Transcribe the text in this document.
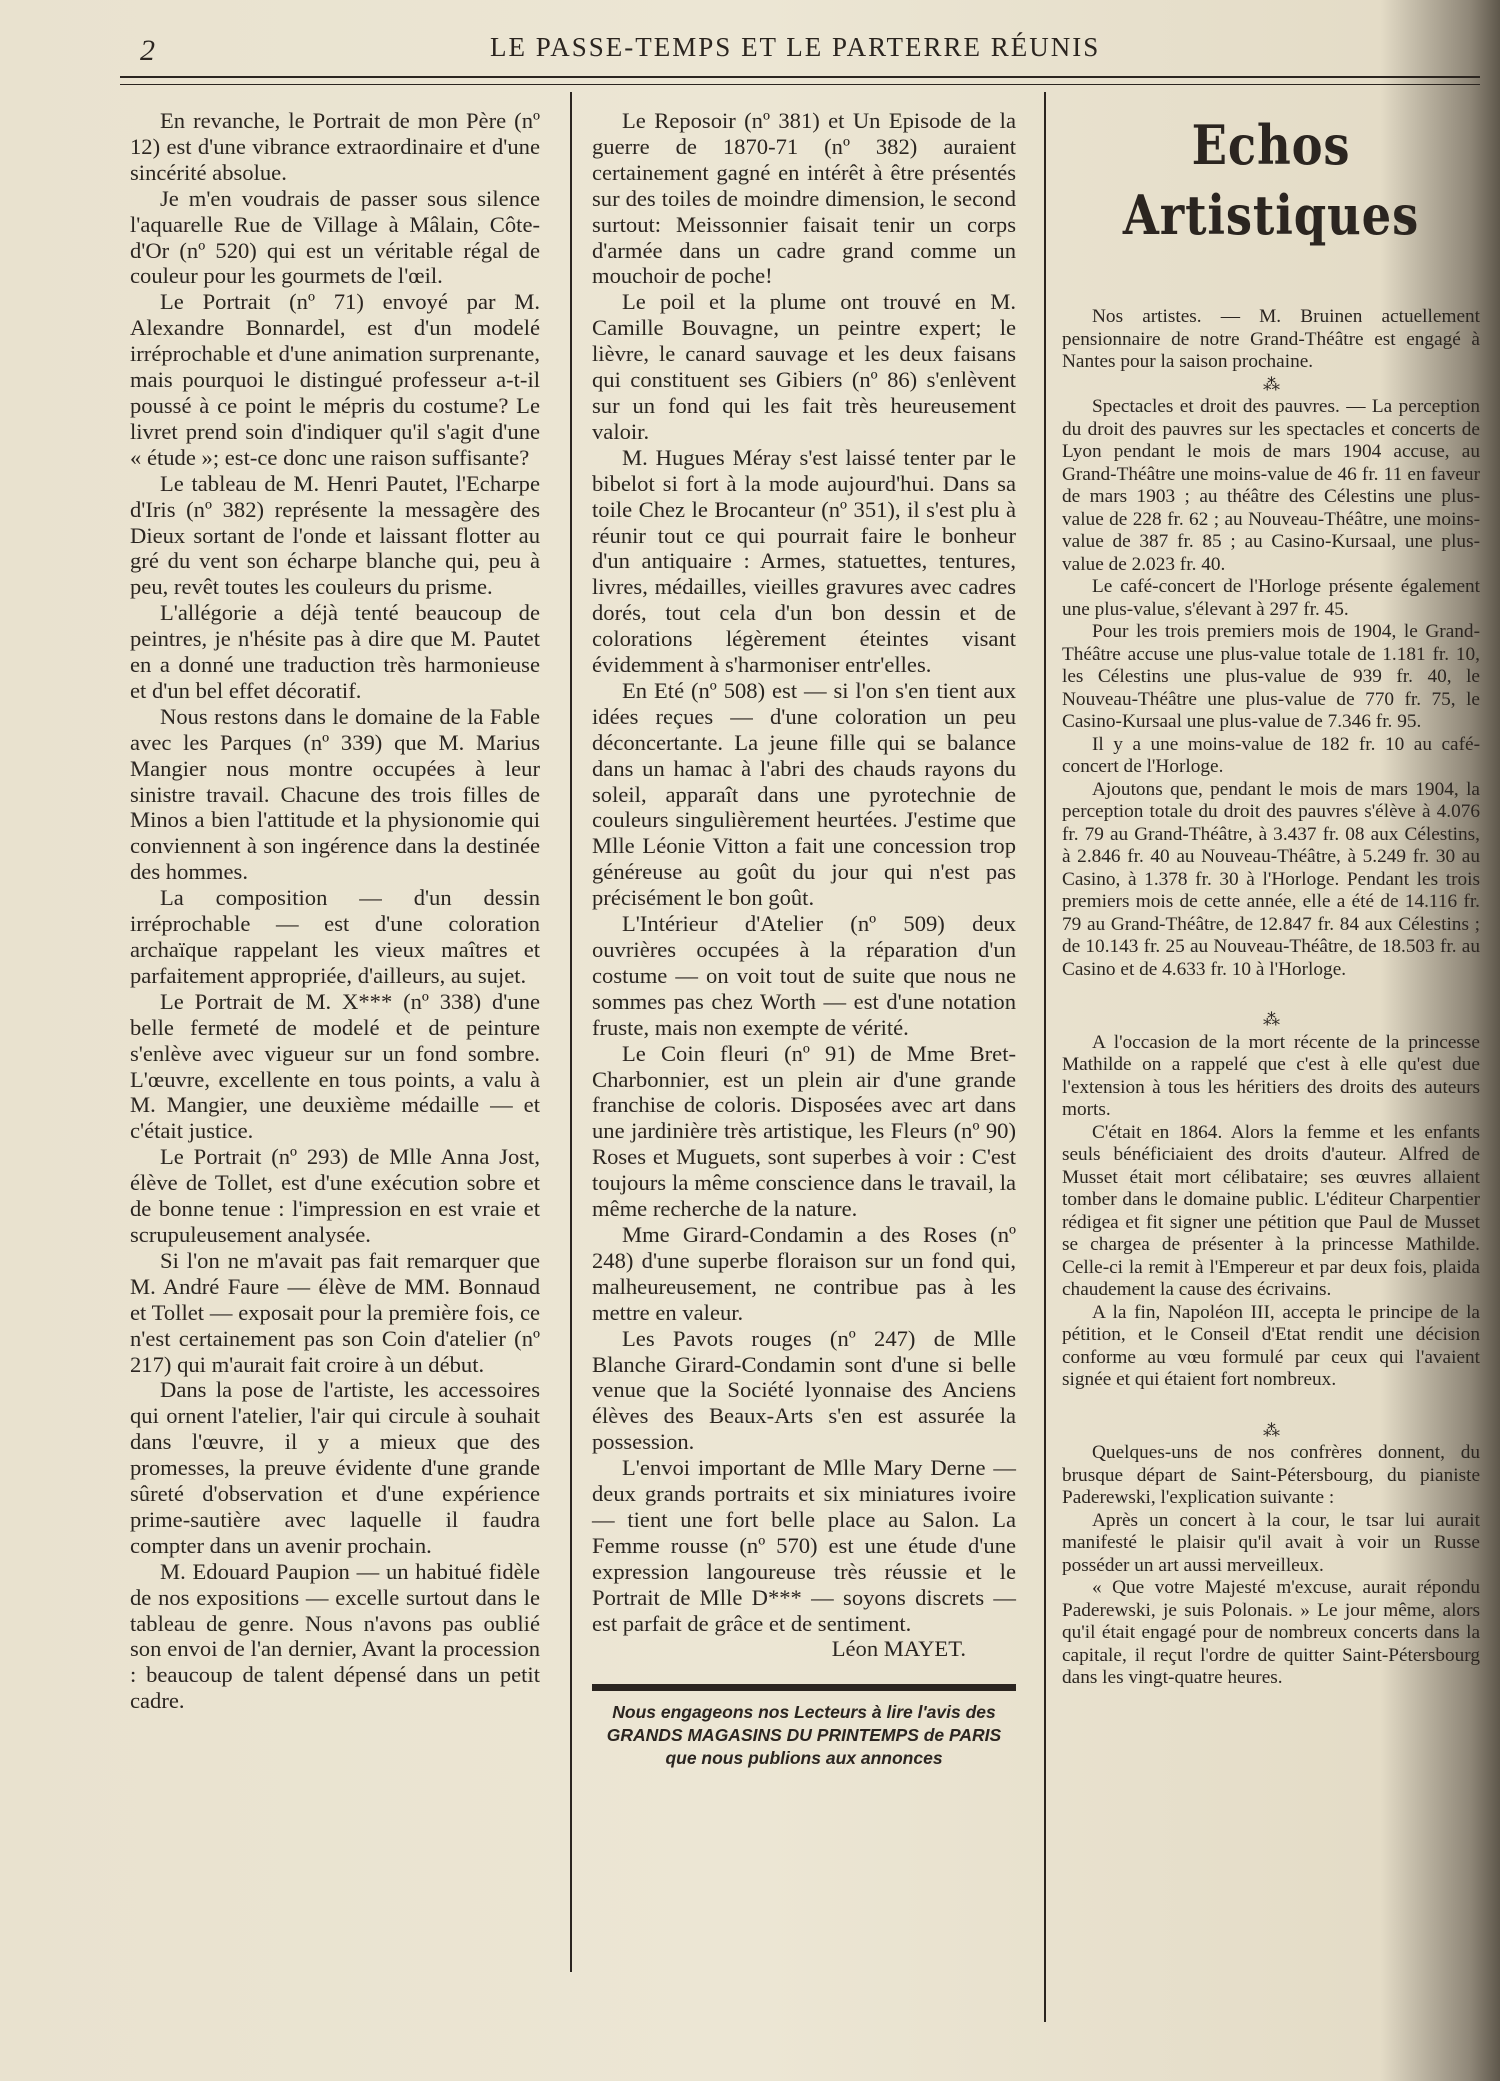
2	LE PASSE-TEMPS ET LE PARTERRE RÉUNIS

En revanche, le Portrait de mon Père (nº 12) est d'une vibrance extraordinaire et d'une sincérité absolue.

Je m'en voudrais de passer sous silence l'aquarelle Rue de Village à Mâlain, Côte-d'Or (nº 520) qui est un véritable régal de couleur pour les gourmets de l'œil.

Le Portrait (nº 71) envoyé par M. Alexandre Bonnardel, est d'un modelé irréprochable et d'une animation surprenante, mais pourquoi le distingué professeur a-t-il poussé à ce point le mépris du costume? Le livret prend soin d'indiquer qu'il s'agit d'une « étude »; est-ce donc une raison suffisante?

Le tableau de M. Henri Pautet, l'Echarpe d'Iris (nº 382) représente la messagère des Dieux sortant de l'onde et laissant flotter au gré du vent son écharpe blanche qui, peu à peu, revêt toutes les couleurs du prisme.

L'allégorie a déjà tenté beaucoup de peintres, je n'hésite pas à dire que M. Pautet en a donné une traduction très harmonieuse et d'un bel effet décoratif.

Nous restons dans le domaine de la Fable avec les Parques (nº 339) que M. Marius Mangier nous montre occupées à leur sinistre travail. Chacune des trois filles de Minos a bien l'attitude et la physionomie qui conviennent à son ingérence dans la destinée des hommes.

La composition — d'un dessin irréprochable — est d'une coloration archaïque rappelant les vieux maîtres et parfaitement appropriée, d'ailleurs, au sujet.

Le Portrait de M. X*** (nº 338) d'une belle fermeté de modelé et de peinture s'enlève avec vigueur sur un fond sombre. L'œuvre, excellente en tous points, a valu à M. Mangier, une deuxième médaille — et c'était justice.

Le Portrait (nº 293) de Mlle Anna Jost, élève de Tollet, est d'une exécution sobre et de bonne tenue : l'impression en est vraie et scrupuleusement analysée.

Si l'on ne m'avait pas fait remarquer que M. André Faure — élève de MM. Bonnaud et Tollet — exposait pour la première fois, ce n'est certainement pas son Coin d'atelier (nº 217) qui m'aurait fait croire à un début.

Dans la pose de l'artiste, les accessoires qui ornent l'atelier, l'air qui circule à souhait dans l'œuvre, il y a mieux que des promesses, la preuve évidente d'une grande sûreté d'observation et d'une expérience prime-sautière avec laquelle il faudra compter dans un avenir prochain.

M. Edouard Paupion — un habitué fidèle de nos expositions — excelle surtout dans le tableau de genre. Nous n'avons pas oublié son envoi de l'an dernier, Avant la procession : beaucoup de talent dépensé dans un petit cadre.

Le Reposoir (nº 381) et Un Episode de la guerre de 1870-71 (nº 382) auraient certainement gagné en intérêt à être présentés sur des toiles de moindre dimension, le second surtout: Meissonnier faisait tenir un corps d'armée dans un cadre grand comme un mouchoir de poche!

Le poil et la plume ont trouvé en M. Camille Bouvagne, un peintre expert; le lièvre, le canard sauvage et les deux faisans qui constituent ses Gibiers (nº 86) s'enlèvent sur un fond qui les fait très heureusement valoir.

M. Hugues Méray s'est laissé tenter par le bibelot si fort à la mode aujourd'hui. Dans sa toile Chez le Brocanteur (nº 351), il s'est plu à réunir tout ce qui pourrait faire le bonheur d'un antiquaire : Armes, statuettes, tentures, livres, médailles, vieilles gravures avec cadres dorés, tout cela d'un bon dessin et de colorations légèrement éteintes visant évidemment à s'harmoniser entr'elles.

En Eté (nº 508) est — si l'on s'en tient aux idées reçues — d'une coloration un peu déconcertante. La jeune fille qui se balance dans un hamac à l'abri des chauds rayons du soleil, apparaît dans une pyrotechnie de couleurs singulièrement heurtées. J'estime que Mlle Léonie Vitton a fait une concession trop généreuse au goût du jour qui n'est pas précisément le bon goût.

L'Intérieur d'Atelier (nº 509) deux ouvrières occupées à la réparation d'un costume — on voit tout de suite que nous ne sommes pas chez Worth — est d'une notation fruste, mais non exempte de vérité.

Le Coin fleuri (nº 91) de Mme Bret-Charbonnier, est un plein air d'une grande franchise de coloris. Disposées avec art dans une jardinière très artistique, les Fleurs (nº 90) Roses et Muguets, sont superbes à voir : C'est toujours la même conscience dans le travail, la même recherche de la nature.

Mme Girard-Condamin a des Roses (nº 248) d'une superbe floraison sur un fond qui, malheureusement, ne contribue pas à les mettre en valeur.

Les Pavots rouges (nº 247) de Mlle Blanche Girard-Condamin sont d'une si belle venue que la Société lyonnaise des Anciens élèves des Beaux-Arts s'en est assurée la possession.

L'envoi important de Mlle Mary Derne — deux grands portraits et six miniatures ivoire — tient une fort belle place au Salon. La Femme rousse (nº 570) est une étude d'une expression langoureuse très réussie et le Portrait de Mlle D*** — soyons discrets — est parfait de grâce et de sentiment.

Léon MAYET.

Nous engageons nos Lecteurs à lire l'avis des GRANDS MAGASINS DU PRINTEMPS de PARIS que nous publions aux annonces

Echos Artistiques

Nos artistes. — M. Bruinen actuellement pensionnaire de notre Grand-Théâtre est engagé à Nantes pour la saison prochaine.

⁂

Spectacles et droit des pauvres. — La perception du droit des pauvres sur les spectacles et concerts de Lyon pendant le mois de mars 1904 accuse, au Grand-Théâtre une moins-value de 46 fr. 11 en faveur de mars 1903 ; au théâtre des Célestins une plus-value de 228 fr. 62 ; au Nouveau-Théâtre, une moins-value de 387 fr. 85 ; au Casino-Kursaal, une plus-value de 2.023 fr. 40.

Le café-concert de l'Horloge présente également une plus-value, s'élevant à 297 fr. 45.

Pour les trois premiers mois de 1904, le Grand-Théâtre accuse une plus-value totale de 1.181 fr. 10, les Célestins une plus-value de 939 fr. 40, le Nouveau-Théâtre une plus-value de 770 fr. 75, le Casino-Kursaal une plus-value de 7.346 fr. 95.

Il y a une moins-value de 182 fr. 10 au café-concert de l'Horloge.

Ajoutons que, pendant le mois de mars 1904, la perception totale du droit des pauvres s'élève à 4.076 fr. 79 au Grand-Théâtre, à 3.437 fr. 08 aux Célestins, à 2.846 fr. 40 au Nouveau-Théâtre, à 5.249 fr. 30 au Casino, à 1.378 fr. 30 à l'Horloge. Pendant les trois premiers mois de cette année, elle a été de 14.116 fr. 79 au Grand-Théâtre, de 12.847 fr. 84 aux Célestins ; de 10.143 fr. 25 au Nouveau-Théâtre, de 18.503 fr. au Casino et de 4.633 fr. 10 à l'Horloge.

⁂

A l'occasion de la mort récente de la princesse Mathilde on a rappelé que c'est à elle qu'est due l'extension à tous les héritiers des droits des auteurs morts.

C'était en 1864. Alors la femme et les enfants seuls bénéficiaient des droits d'auteur. Alfred de Musset était mort célibataire; ses œuvres allaient tomber dans le domaine public. L'éditeur Charpentier rédigea et fit signer une pétition que Paul de Musset se chargea de présenter à la princesse Mathilde. Celle-ci la remit à l'Empereur et par deux fois, plaida chaudement la cause des écrivains.

A la fin, Napoléon III, accepta le principe de la pétition, et le Conseil d'Etat rendit une décision conforme au vœu formulé par ceux qui l'avaient signée et qui étaient fort nombreux.

⁂

Quelques-uns de nos confrères donnent, du brusque départ de Saint-Pétersbourg, du pianiste Paderewski, l'explication suivante :

Après un concert à la cour, le tsar lui aurait manifesté le plaisir qu'il avait à voir un Russe posséder un art aussi merveilleux.

« Que votre Majesté m'excuse, aurait répondu Paderewski, je suis Polonais. » Le jour même, alors qu'il était engagé pour de nombreux concerts dans la capitale, il reçut l'ordre de quitter Saint-Pétersbourg dans les vingt-quatre heures.
